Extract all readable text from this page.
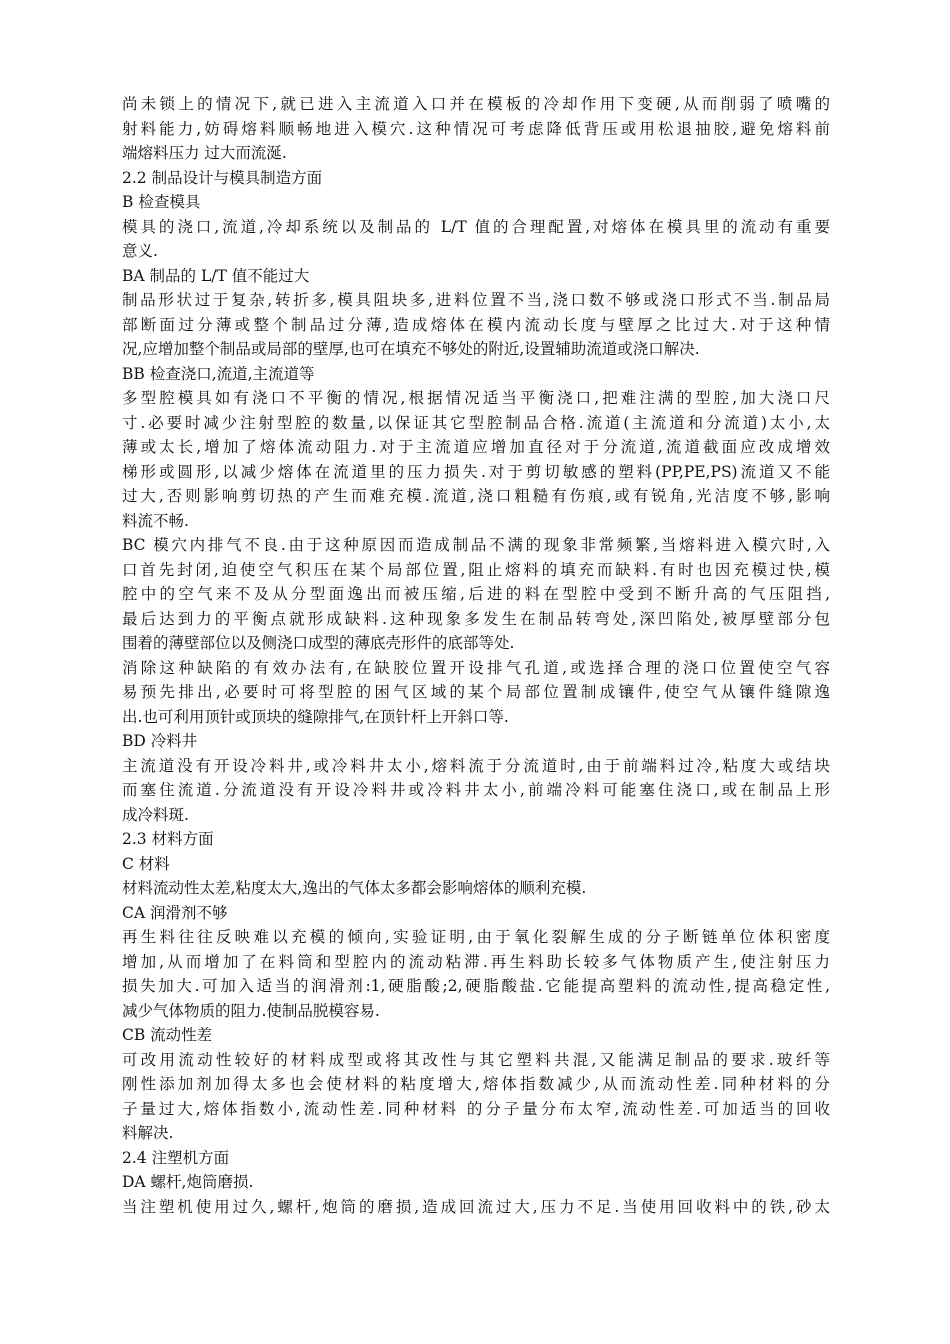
尚未锁上的情况下,就已进入主流道入口并在模板的冷却作用下变硬,从而削弱了喷嘴的
射料能力,妨碍熔料顺畅地进入模穴.这种情况可考虑降低背压或用松退抽胶,避免熔料前
端熔料压力 过大而流涎.
2.2 制品设计与模具制造方面
B 检查模具
模具的浇口,流道,冷却系统以及制品的 L/T 值的合理配置,对熔体在模具里的流动有重要
意义.
BA 制品的 L/T 值不能过大
制品形状过于复杂,转折多,模具阻块多,进料位置不当,浇口数不够或浇口形式不当.制品局
部断面过分薄或整个制品过分薄,造成熔体在模内流动长度与壁厚之比过大.对于这种情
况,应增加整个制品或局部的壁厚,也可在填充不够处的附近,设置辅助流道或浇口解决.
BB 检查浇口,流道,主流道等
多型腔模具如有浇口不平衡的情况,根据情况适当平衡浇口,把难注满的型腔,加大浇口尺
寸.必要时减少注射型腔的数量,以保证其它型腔制品合格.流道(主流道和分流道)太小,太
薄或太长,增加了熔体流动阻力.对于主流道应增加直径对于分流道,流道截面应改成增效
梯形或圆形,以减少熔体在流道里的压力损失.对于剪切敏感的塑料(PP,PE,PS)流道又不能
过大,否则影响剪切热的产生而难充模.流道,浇口粗糙有伤痕,或有锐角,光洁度不够,影响
料流不畅.
BC 模穴内排气不良.由于这种原因而造成制品不满的现象非常频繁,当熔料进入模穴时,入
口首先封闭,迫使空气积压在某个局部位置,阻止熔料的填充而缺料.有时也因充模过快,模
腔中的空气来不及从分型面逸出而被压缩,后进的料在型腔中受到不断升高的气压阻挡,
最后达到力的平衡点就形成缺料.这种现象多发生在制品转弯处,深凹陷处,被厚壁部分包
围着的薄壁部位以及侧浇口成型的薄底壳形件的底部等处.
消除这种缺陷的有效办法有,在缺胶位置开设排气孔道,或选择合理的浇口位置使空气容
易预先排出,必要时可将型腔的困气区域的某个局部位置制成镶件,使空气从镶件缝隙逸
出.也可利用顶针或顶块的缝隙排气,在顶针杆上开斜口等.
BD 冷料井
主流道没有开设冷料井,或冷料井太小,熔料流于分流道时,由于前端料过冷,粘度大或结块
而塞住流道.分流道没有开设冷料井或冷料井太小,前端冷料可能塞住浇口,或在制品上形
成冷料斑.
2.3 材料方面
C 材料
材料流动性太差,粘度太大,逸出的气体太多都会影响熔体的顺利充模.
CA 润滑剂不够
再生料往往反映难以充模的倾向,实验证明,由于氧化裂解生成的分子断链单位体积密度
增加,从而增加了在料筒和型腔内的流动粘滞.再生料助长较多气体物质产生,使注射压力
损失加大.可加入适当的润滑剂:1,硬脂酸;2,硬脂酸盐.它能提高塑料的流动性,提高稳定性,
减少气体物质的阻力.使制品脱模容易.
CB 流动性差
可改用流动性较好的材料成型或将其改性与其它塑料共混,又能满足制品的要求.玻纤等
刚性添加剂加得太多也会使材料的粘度增大,熔体指数减少,从而流动性差.同种材料的分
子量过大,熔体指数小,流动性差.同种材料 的分子量分布太窄,流动性差.可加适当的回收
料解决.
2.4 注塑机方面
DA 螺杆,炮筒磨损.
当注塑机使用过久,螺杆,炮筒的磨损,造成回流过大,压力不足.当使用回收料中的铁,砂太
